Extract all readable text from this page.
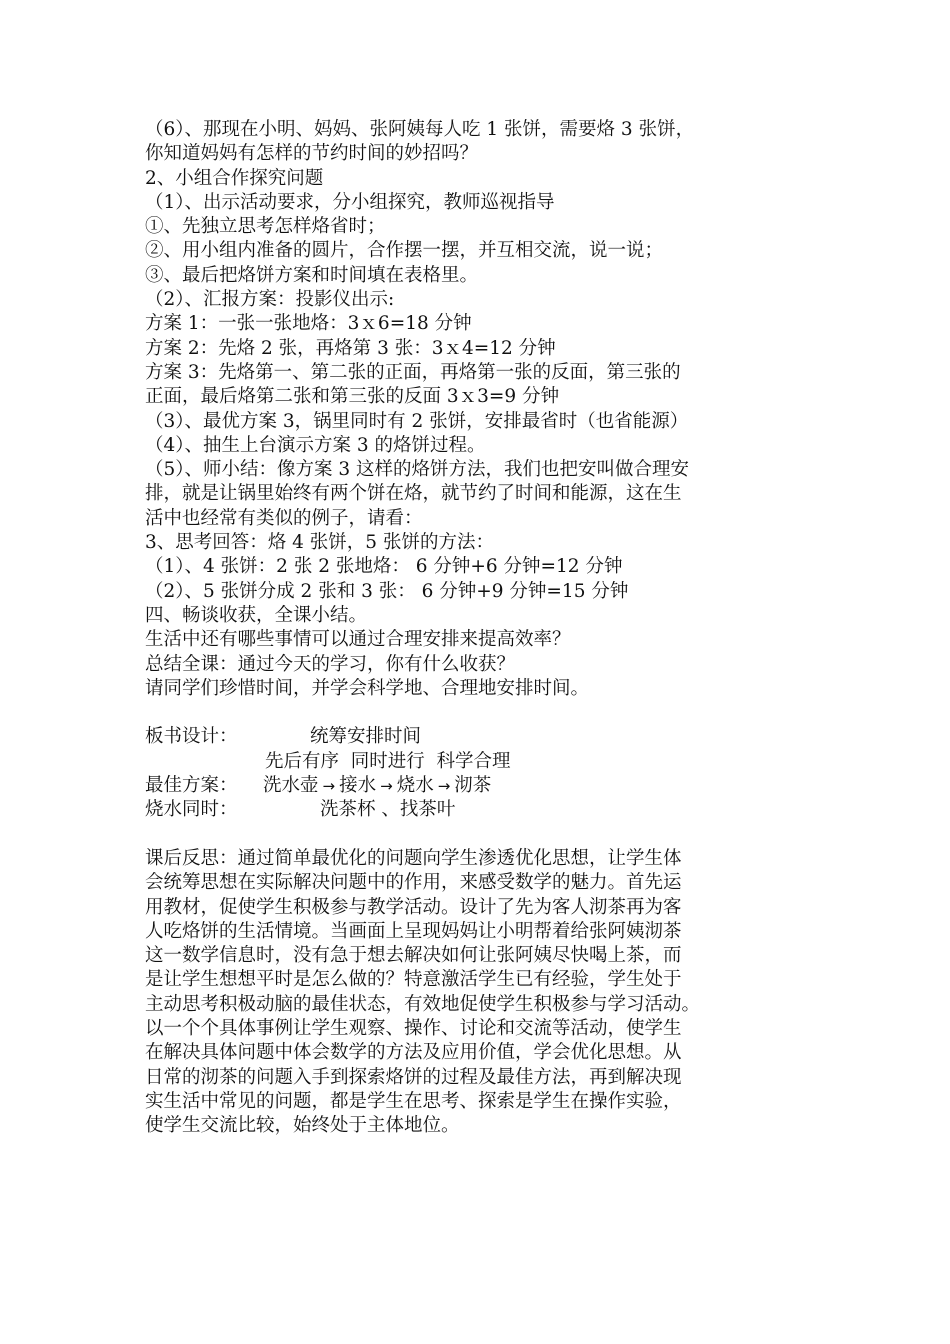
（6）、那现在小明、妈妈、张阿姨每人吃 1 张饼，需要烙 3 张饼，
你知道妈妈有怎样的节约时间的妙招吗？
2、小组合作探究问题
（1）、出示活动要求，分小组探究，教师巡视指导
①、先独立思考怎样烙省时；
②、用小组内准备的圆片，合作摆一摆，并互相交流，说一说；
③、最后把烙饼方案和时间填在表格里。
（2）、汇报方案：投影仪出示:
方案 1：一张一张地烙：3ｘ6=18 分钟
方案 2：先烙 2 张，再烙第 3 张：3ｘ4=12 分钟
方案 3：先烙第一、第二张的正面，再烙第一张的反面，第三张的
正面，最后烙第二张和第三张的反面 3ｘ3=9 分钟
（3）、最优方案 3，锅里同时有 2 张饼，安排最省时（也省能源）
（4）、抽生上台演示方案 3 的烙饼过程。
（5）、师小结：像方案 3 这样的烙饼方法，我们也把安叫做合理安
排，就是让锅里始终有两个饼在烙，就节约了时间和能源，这在生
活中也经常有类似的例子，请看：
3、思考回答：烙 4 张饼，5 张饼的方法：
（1）、4 张饼：2 张 2 张地烙： 6 分钟+6 分钟=12 分钟
（2）、5 张饼分成 2 张和 3 张： 6 分钟+9 分钟=15 分钟
四、畅谈收获，全课小结。
生活中还有哪些事情可以通过合理安排来提高效率？
总结全课：通过今天的学习，你有什么收获？
请同学们珍惜时间，并学会科学地、合理地安排时间。
板书设计：	统筹安排时间
先后有序  同时进行  科学合理
最佳方案：	洗水壶 → 接水 → 烧水 → 沏茶
烧水同时：	洗茶杯 、找茶叶
课后反思：通过简单最优化的问题向学生渗透优化思想，让学生体
会统筹思想在实际解决问题中的作用，来感受数学的魅力。首先运
用教材，促使学生积极参与教学活动。设计了先为客人沏茶再为客
人吃烙饼的生活情境。当画面上呈现妈妈让小明帮着给张阿姨沏茶
这一数学信息时，没有急于想去解决如何让张阿姨尽快喝上茶，而
是让学生想想平时是怎么做的？特意激活学生已有经验，学生处于
主动思考积极动脑的最佳状态，有效地促使学生积极参与学习活动。
以一个个具体事例让学生观察、操作、讨论和交流等活动，使学生
在解决具体问题中体会数学的方法及应用价值，学会优化思想。从
日常的沏茶的问题入手到探索烙饼的过程及最佳方法，再到解决现
实生活中常见的问题，都是学生在思考、探索是学生在操作实验，
使学生交流比较，始终处于主体地位。
